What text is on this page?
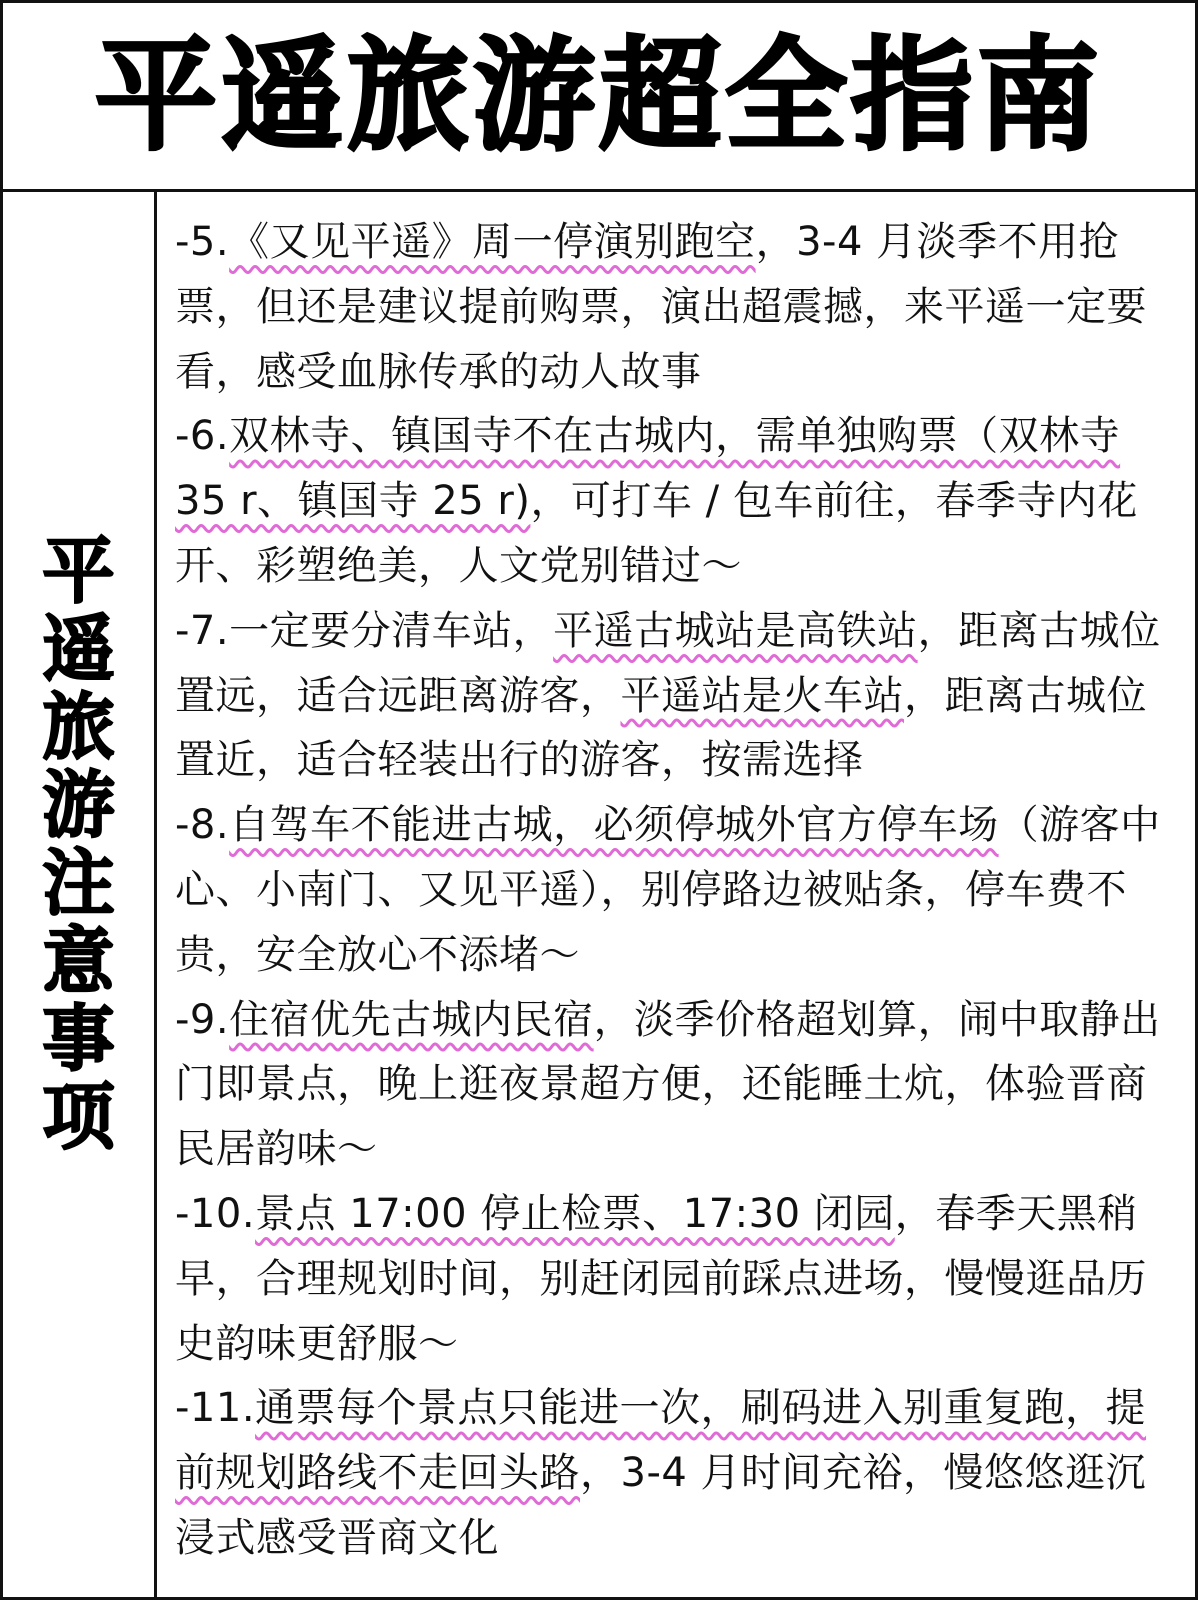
平遥旅游超全指南
平
遥
旅
游
注
意
事
项

-5.《又见平遥》周一停演别跑空，3-4 月淡季不用抢票，但还是建议提前购票，演出超震撼，来平遥一定要看，感受血脉传承的动人故事

-6.双林寺、镇国寺不在古城内，需单独购票（双林寺 35 r、镇国寺 25 r)，可打车 / 包车前往，春季寺内花开、彩塑绝美，人文党别错过～

-7.一定要分清车站，平遥古城站是高铁站，距离古城位置远，适合远距离游客，平遥站是火车站，距离古城位置近，适合轻装出行的游客，按需选择

-8.自驾车不能进古城，必须停城外官方停车场（游客中心、小南门、又见平遥），别停路边被贴条，停车费不贵，安全放心不添堵～

-9.住宿优先古城内民宿，淡季价格超划算，闹中取静出门即景点，晚上逛夜景超方便，还能睡土炕，体验晋商民居韵味～

-10.景点 17:00 停止检票、17:30 闭园，春季天黑稍早，合理规划时间，别赶闭园前踩点进场，慢慢逛品历史韵味更舒服～

-11.通票每个景点只能进一次，刷码进入别重复跑，提前规划路线不走回头路，3-4 月时间充裕，慢悠悠逛沉浸式感受晋商文化
